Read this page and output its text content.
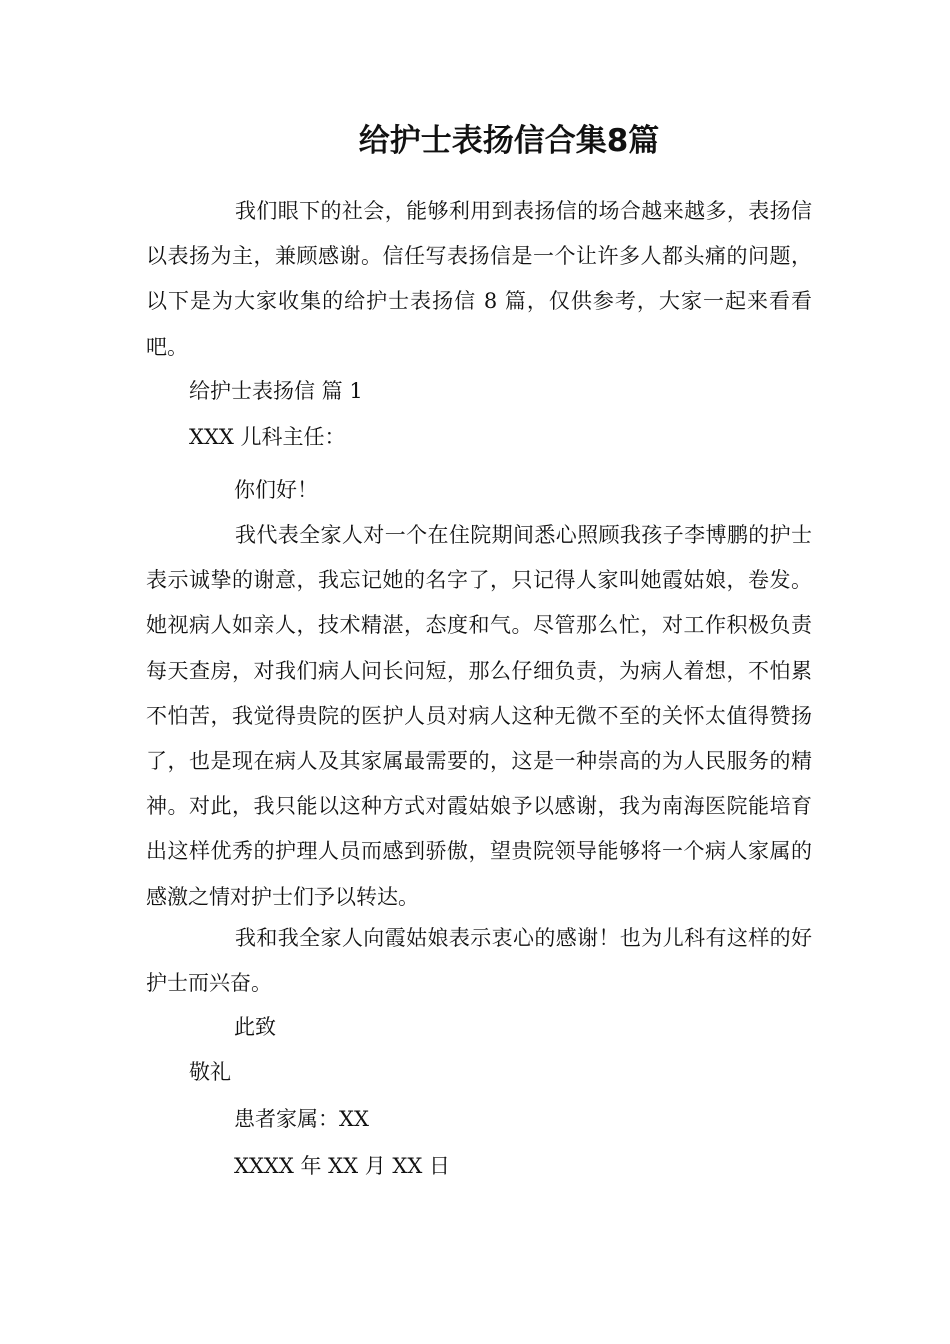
给护士表扬信合集8篇

我们眼下的社会，能够利用到表扬信的场合越来越多，表扬信以表扬为主，兼顾感谢。信任写表扬信是一个让许多人都头痛的问题，以下是为大家收集的给护士表扬信 8 篇，仅供参考，大家一起来看看吧。

给护士表扬信 篇 1

XXX 儿科主任：

你们好！

我代表全家人对一个在住院期间悉心照顾我孩子李博鹏的护士表示诚挚的谢意，我忘记她的名字了，只记得人家叫她霞姑娘，卷发。她视病人如亲人，技术精湛，态度和气。尽管那么忙，对工作积极负责每天查房，对我们病人问长问短，那么仔细负责，为病人着想，不怕累不怕苦，我觉得贵院的医护人员对病人这种无微不至的关怀太值得赞扬了，也是现在病人及其家属最需要的，这是一种崇高的为人民服务的精神。对此，我只能以这种方式对霞姑娘予以感谢，我为南海医院能培育出这样优秀的护理人员而感到骄傲，望贵院领导能够将一个病人家属的感激之情对护士们予以转达。

我和我全家人向霞姑娘表示衷心的感谢！也为儿科有这样的好护士而兴奋。

此致

敬礼

患者家属：XX

XXXX 年 XX 月 XX 日
